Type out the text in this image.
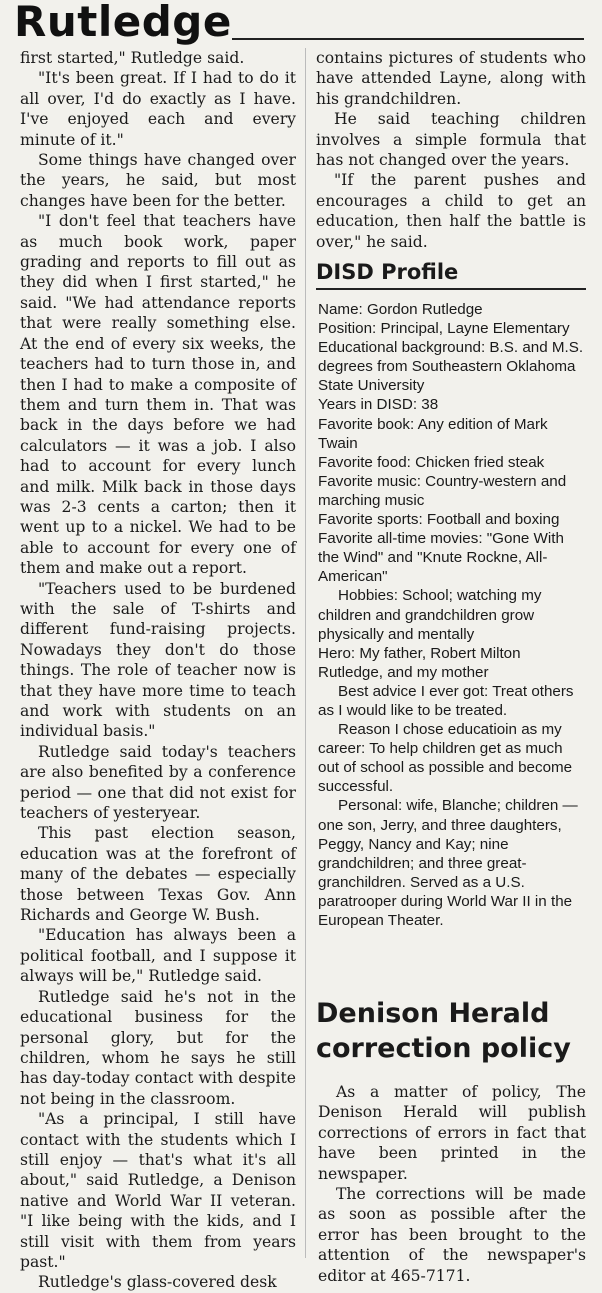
Rutledge

first started," Rutledge said.

"It's been great. If I had to do it all over, I'd do exactly as I have. I've enjoyed each and every minute of it."

Some things have changed over the years, he said, but most changes have been for the better.

"I don't feel that teachers have as much book work, paper grading and reports to fill out as they did when I first started," he said. "We had attendance reports that were really something else. At the end of every six weeks, the teachers had to turn those in, and then I had to make a composite of them and turn them in. That was back in the days before we had calculators — it was a job. I also had to account for every lunch and milk. Milk back in those days was 2-3 cents a carton; then it went up to a nickel. We had to be able to account for every one of them and make out a report.

"Teachers used to be burdened with the sale of T-shirts and different fund-raising projects. Nowadays they don't do those things. The role of teacher now is that they have more time to teach and work with students on an individual basis."

Rutledge said today's teachers are also benefited by a conference period — one that did not exist for teachers of yesteryear.

This past election season, education was at the forefront of many of the debates — especially those between Texas Gov. Ann Richards and George W. Bush.

"Education has always been a political football, and I suppose it always will be," Rutledge said.

Rutledge said he's not in the educational business for the personal glory, but for the children, whom he says he still has day-today contact with despite not being in the classroom.

"As a principal, I still have contact with the students which I still enjoy — that's what it's all about," said Rutledge, a Denison native and World War II veteran. "I like being with the kids, and I still visit with them from years past."

Rutledge's glass-covered desk

contains pictures of students who have attended Layne, along with his grandchildren.

He said teaching children involves a simple formula that has not changed over the years.

"If the parent pushes and encourages a child to get an education, then half the battle is over," he said.

DISD Profile

Name: Gordon Rutledge

Position: Principal, Layne Elementary

Educational background: B.S. and M.S. degrees from Southeastern Oklahoma State University

Years in DISD: 38

Favorite book: Any edition of Mark Twain

Favorite food: Chicken fried steak

Favorite music: Country-western and marching music

Favorite sports: Football and boxing

Favorite all-time movies: "Gone With the Wind" and "Knute Rockne, All-American"

Hobbies: School; watching my children and grandchildren grow physically and mentally

Hero: My father, Robert Milton Rutledge, and my mother

Best advice I ever got: Treat others as I would like to be treated.

Reason I chose educatioin as my career: To help children get as much out of school as possible and become successful.

Personal: wife, Blanche; children — one son, Jerry, and three daughters, Peggy, Nancy and Kay; nine grandchildren; and three great-granchildren. Served as a U.S. paratrooper during World War II in the European Theater.

Denison Herald correction policy

As a matter of policy, The Denison Herald will publish corrections of errors in fact that have been printed in the newspaper.

The corrections will be made as soon as possible after the error has been brought to the attention of the newspaper's editor at 465-7171.
